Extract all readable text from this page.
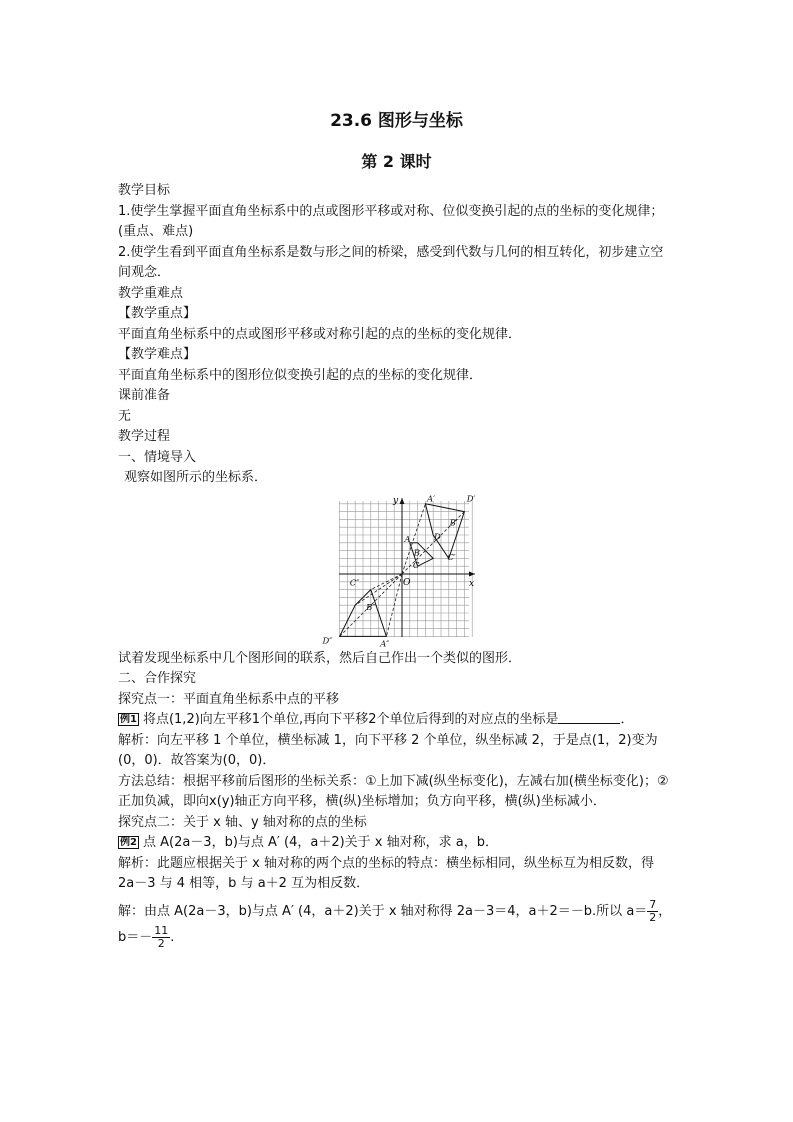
23.6 图形与坐标
第 2 课时

教学目标

1.使学生掌握平面直角坐标系中的点或图形平移或对称、位似变换引起的点的坐标的变化规律；(重点、难点)

2.使学生看到平面直角坐标系是数与形之间的桥梁，感受到代数与几何的相互转化，初步建立空间观念．

教学重难点

【教学重点】

平面直角坐标系中的点或图形平移或对称引起的点的坐标的变化规律．

【教学难点】

平面直角坐标系中的图形位似变换引起的点的坐标的变化规律．

课前准备

无

教学过程

一、情境导入

观察如图所示的坐标系．

x
y
O
A′	D′
B′
A	D
C′
B
C
C″
B″
D″	A″

试着发现坐标系中几个图形间的联系，然后自己作出一个类似的图形．

二、合作探究

探究点一：平面直角坐标系中点的平移

例1 将点(1,2)向左平移1个单位,再向下平移2个单位后得到的对应点的坐标是	．

解析：向左平移 1 个单位，横坐标减 1，向下平移 2 个单位，纵坐标减 2，于是点(1，2)变为(0，0)．故答案为(0，0)．

方法总结：根据平移前后图形的坐标关系：①上加下减(纵坐标变化)，左减右加(横坐标变化)；②正加负减，即向x(y)轴正方向平移，横(纵)坐标增加；负方向平移，横(纵)坐标减小．

探究点二：关于 x 轴、y 轴对称的点的坐标

例2 点 A(2a－3，b)与点 A′ (4，a＋2)关于 x 轴对称，求 a，b．

解析：此题应根据关于 x 轴对称的两个点的坐标的特点：横坐标相同，纵坐标互为相反数，得 2a－3 与 4 相等，b 与 a＋2 互为相反数．

解：由点 A(2a－3，b)与点 A′ (4，a＋2)关于 x 轴对称得 2a－3＝4，a＋2＝－b.所以 $a= \frac{7}{2}$ ，
$b=- \frac{11}{2}$ .
